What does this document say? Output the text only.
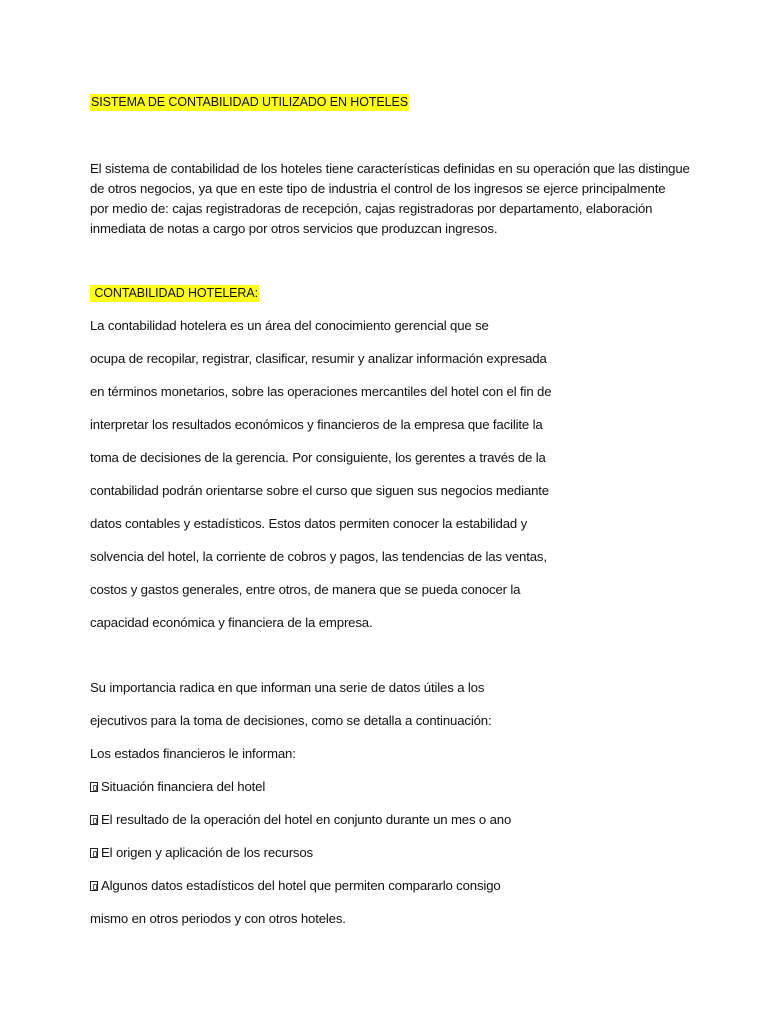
SISTEMA DE CONTABILIDAD UTILIZADO EN HOTELES
El sistema de contabilidad de los hoteles tiene características definidas en su operación que las distingue
de otros negocios, ya que en este tipo de industria el control de los ingresos se ejerce principalmente
por medio de: cajas registradoras de recepción, cajas registradoras por departamento, elaboración
inmediata de notas a cargo por otros servicios que produzcan ingresos.
CONTABILIDAD HOTELERA:
La contabilidad hotelera es un área del conocimiento gerencial que se
ocupa de recopilar, registrar, clasificar, resumir y analizar información expresada
en términos monetarios, sobre las operaciones mercantiles del hotel con el fin de
interpretar los resultados económicos y financieros de la empresa que facilite la
toma de decisiones de la gerencia. Por consiguiente, los gerentes a través de la
contabilidad podrán orientarse sobre el curso que siguen sus negocios mediante
datos contables y estadísticos. Estos datos permiten conocer la estabilidad y
solvencia del hotel, la corriente de cobros y pagos, las tendencias de las ventas,
costos y gastos generales, entre otros, de manera que se pueda conocer la
capacidad económica y financiera de la empresa.
Su importancia radica en que informan una serie de datos útiles a los
ejecutivos para la toma de decisiones, como se detalla a continuación:
Los estados financieros le informan:
Situación financiera del hotel
El resultado de la operación del hotel en conjunto durante un mes o ano
El origen y aplicación de los recursos
Algunos datos estadísticos del hotel que permiten compararlo consigo
mismo en otros periodos y con otros hoteles.
